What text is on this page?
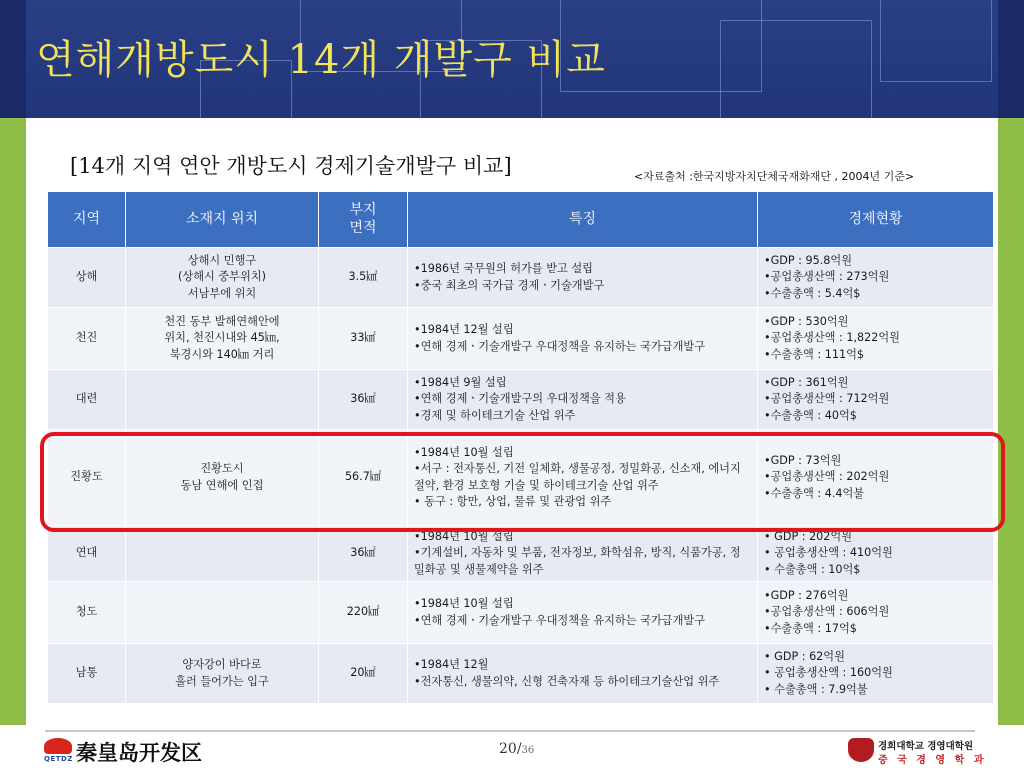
연해개방도시 14개 개발구 비교
[14개 지역 연안 개방도시 경제기술개발구 비교]	<자료출처 :한국지방자치단체국재화재단 , 2004년 기준>
지역	소재지 위치	부지 면적	특징	경제현황
상해	상해시 민행구
(상해시 중부위치)
서남부에 위치	3.5㎢	•1986년 국무원의 허가를 받고 설립
•중국 최초의 국가급 경제ㆍ기술개발구	•GDP : 95.8억원
•공업총생산액 : 273억원
•수출총액 : 5.4억$

천진	천진 동부 발해연해안에
위치, 천진시내와 45㎞,
북경시와 140㎞ 거리	33㎢	•1984년 12월 설립
•연해 경제ㆍ기술개발구 우대정책을 유지하는 국가급개발구	•GDP : 530억원
•공업총생산액 : 1,822억원
•수출총액 : 111억$

대련		36㎢	•1984년 9월 설립
•연해 경제ㆍ기술개발구의 우대정책을 적용
•경제 및 하이테크기술 산업 위주	•GDP : 361억원
•공업총생산액 : 712억원
•수출총액 : 40억$

진황도	진황도시
동남 연해에 인접	56.7㎢	•1984년 10월 설립
•서구 : 전자통신, 기전 일체화, 생물공정, 정밀화공, 신소재, 에너지 절약, 환경 보호형 기술 및 하이테크기술 산업 위주
• 동구 : 항만, 상업, 물류 및 관광업 위주	•GDP : 73억원
•공업총생산액 : 202억원
•수출총액 : 4.4억불

연대		36㎢	•1984년 10월 설립
•기계설비, 자동차 및 부품, 전자정보, 화학섬유, 방직, 식품가공, 정밀화공 및 생물제약을 위주	• GDP : 202억원
• 공업총생산액 : 410억원
• 수출총액 : 10억$

청도		220㎢	•1984년 10월 설립
•연해 경제ㆍ기술개발구 우대정책을 유지하는 국가급개발구	•GDP : 276억원
•공업총생산액 : 606억원
•수출총액 : 17억$

남통	양자강이 바다로
흘러 들어가는 입구	20㎢	•1984년 12월
•전자통신, 생물의약, 신형 건축자재 등 하이테크기술산업 위주	• GDP : 62억원
• 공업총생산액 : 160억원
• 수출총액 : 7.9억불
QETDZ 秦皇岛开发区	20/36	경희대학교 경영대학원
중 국 경 영 학 과
